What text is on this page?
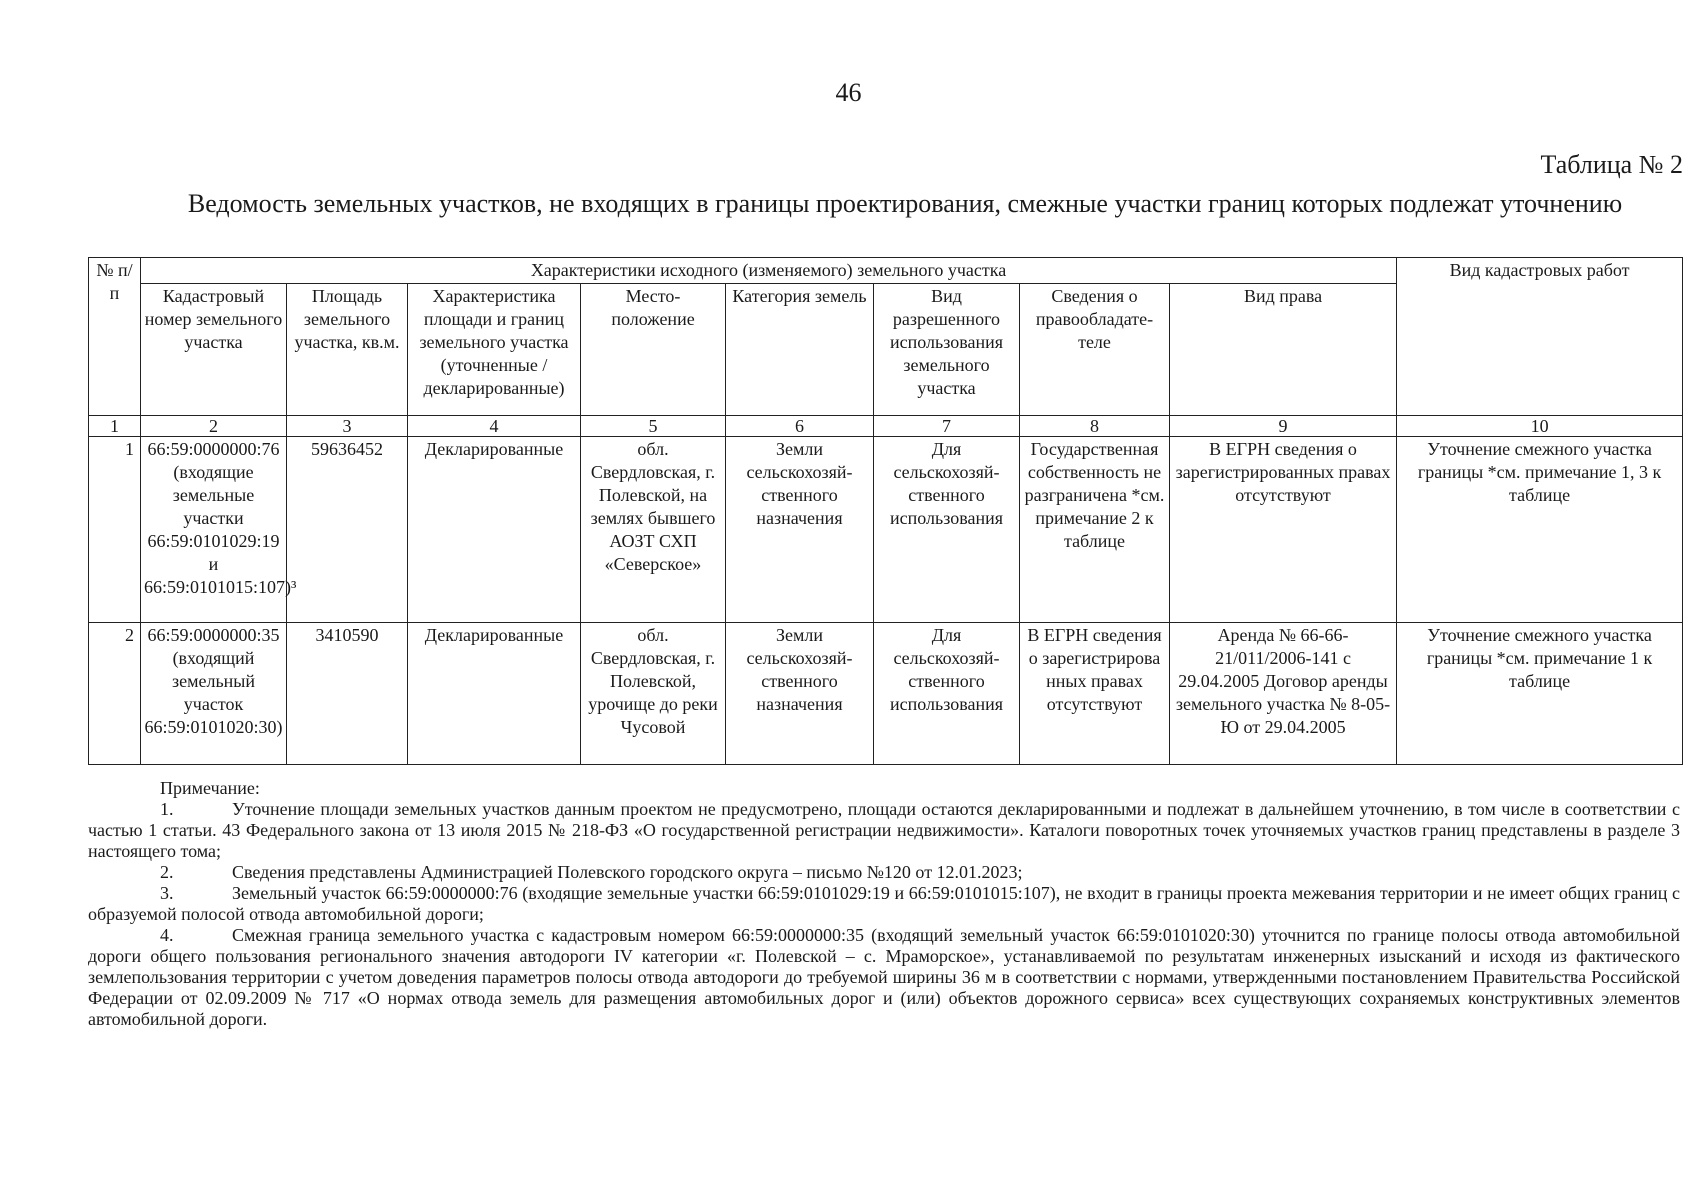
46
Таблица № 2
Ведомость земельных участков, не входящих в границы проектирования, смежные участки границ которых подлежат уточнению
№ п/п	Характеристики исходного (изменяемого) земельного участка								Вид кадастровых работ
	Кадастровый номер земельного участка	Площадь земельного участка, кв.м.	Характеристика площади и границ земельного участка (уточненные / декларированные)	Место-положение	Категория земель	Вид разрешенного использования земельного участка	Сведения о правообладате-теле	Вид права	
1	2	3	4	5	6	7	8	9	10
1	66:59:0000000:76 (входящие земельные участки 66:59:0101029:19 и 66:59:0101015:107)³	59636452	Декларированные	обл. Свердловская, г. Полевской, на землях бывшего АОЗТ СХП «Северское»	Земли сельскохозяй-ственного назначения	Для сельскохозяй-ственного использования	Государственная собственность не разграничена *см. примечание 2 к таблице	В ЕГРН сведения о зарегистрированных правах отсутствуют	Уточнение смежного участка границы *см. примечание 1, 3 к таблице
2	66:59:0000000:35 (входящий земельный участок 66:59:0101020:30)	3410590	Декларированные	обл. Свердловская, г. Полевской, урочище до реки Чусовой	Земли сельскохозяй-ственного назначения	Для сельскохозяй-ственного использования	В ЕГРН сведения о зарегистрирова нных правах отсутствуют	Аренда № 66-66-21/011/2006-141 с 29.04.2005 Договор аренды земельного участка № 8-05-Ю от 29.04.2005	Уточнение смежного участка границы *см. примечание 1 к таблице
Примечание:
1.	Уточнение площади земельных участков данным проектом не предусмотрено, площади остаются декларированными и подлежат в дальнейшем уточнению, в том числе в соответствии с частью 1 статьи. 43 Федерального закона от 13 июля 2015 № 218-ФЗ «О государственной регистрации недвижимости». Каталоги поворотных точек уточняемых участков границ представлены в разделе 3 настоящего тома;
2.	Сведения представлены Администрацией Полевского городского округа – письмо №120 от 12.01.2023;
3.	Земельный участок 66:59:0000000:76 (входящие земельные участки 66:59:0101029:19 и 66:59:0101015:107), не входит в границы проекта межевания территории и не имеет общих границ с образуемой полосой отвода автомобильной дороги;
4.	Смежная граница земельного участка с кадастровым номером 66:59:0000000:35 (входящий земельный участок 66:59:0101020:30) уточнится по границе полосы отвода автомобильной дороги общего пользования регионального значения автодороги IV категории «г. Полевской – с. Мраморское», устанавливаемой по результатам инженерных изысканий и исходя из фактического землепользования территории с учетом доведения параметров полосы отвода автодороги до требуемой ширины 36 м в соответствии с нормами, утвержденными постановлением Правительства Российской Федерации от 02.09.2009 № 717 «О нормах отвода земель для размещения автомобильных дорог и (или) объектов дорожного сервиса» всех существующих сохраняемых конструктивных элементов автомобильной дороги.
